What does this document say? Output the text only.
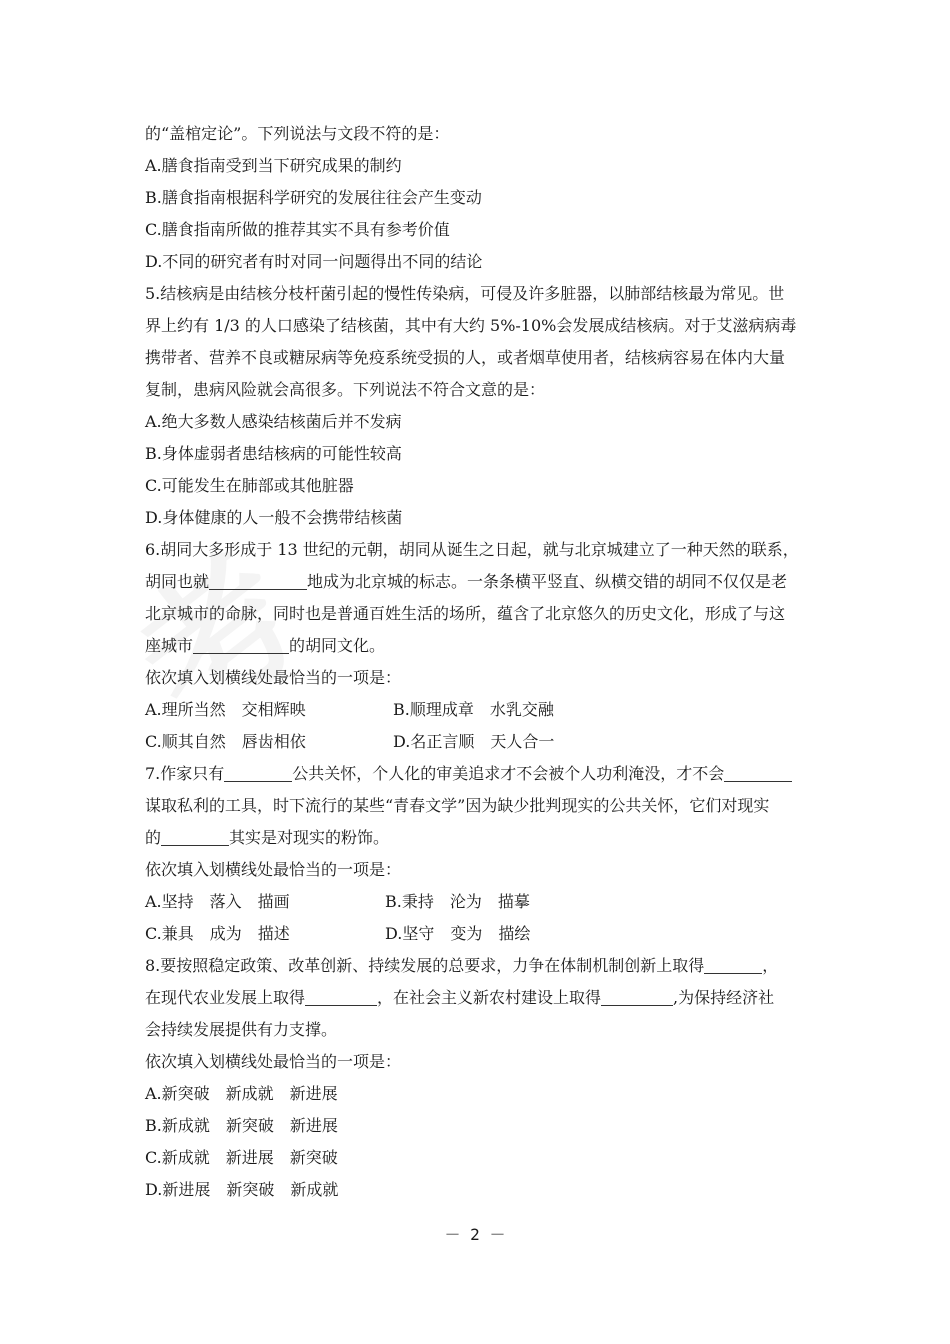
的“盖棺定论”。下列说法与文段不符的是：
A.膳食指南受到当下研究成果的制约
B.膳食指南根据科学研究的发展往往会产生变动
C.膳食指南所做的推荐其实不具有参考价值
D.不同的研究者有时对同一问题得出不同的结论
5.结核病是由结核分枝杆菌引起的慢性传染病，可侵及许多脏器，以肺部结核最为常见。世
界上约有 1/3 的人口感染了结核菌，其中有大约 5%-10%会发展成结核病。对于艾滋病病毒
携带者、营养不良或糖尿病等免疫系统受损的人，或者烟草使用者，结核病容易在体内大量
复制，患病风险就会高很多。下列说法不符合文意的是：
A.绝大多数人感染结核菌后并不发病
B.身体虚弱者患结核病的可能性较高
C.可能发生在肺部或其他脏器
D.身体健康的人一般不会携带结核菌
6.胡同大多形成于 13 世纪的元朝，胡同从诞生之日起，就与北京城建立了一种天然的联系，
胡同也就	地成为北京城的标志。一条条横平竖直、纵横交错的胡同不仅仅是老
北京城市的命脉，同时也是普通百姓生活的场所，蕴含了北京悠久的历史文化，形成了与这
座城市	的胡同文化。
依次填入划横线处最恰当的一项是：
A.理所当然　交相辉映	B.顺理成章　水乳交融
C.顺其自然　唇齿相依	D.名正言顺　天人合一
7.作家只有	公共关怀，个人化的审美追求才不会被个人功利淹没，才不会
谋取私利的工具，时下流行的某些“青春文学”因为缺少批判现实的公共关怀，它们对现实
的	其实是对现实的粉饰。
依次填入划横线处最恰当的一项是：
A.坚持　落入　描画	B.秉持　沦为　描摹
C.兼具　成为　描述	D.坚守　变为　描绘
8.要按照稳定政策、改革创新、持续发展的总要求，力争在体制机制创新上取得	，
在现代农业发展上取得	，在社会主义新农村建设上取得	,为保持经济社
会持续发展提供有力支撑。
依次填入划横线处最恰当的一项是：
A.新突破　新成就　新进展
B.新成就　新突破　新进展
C.新成就　新进展　新突破
D.新进展　新突破　新成就
－ 2 －
